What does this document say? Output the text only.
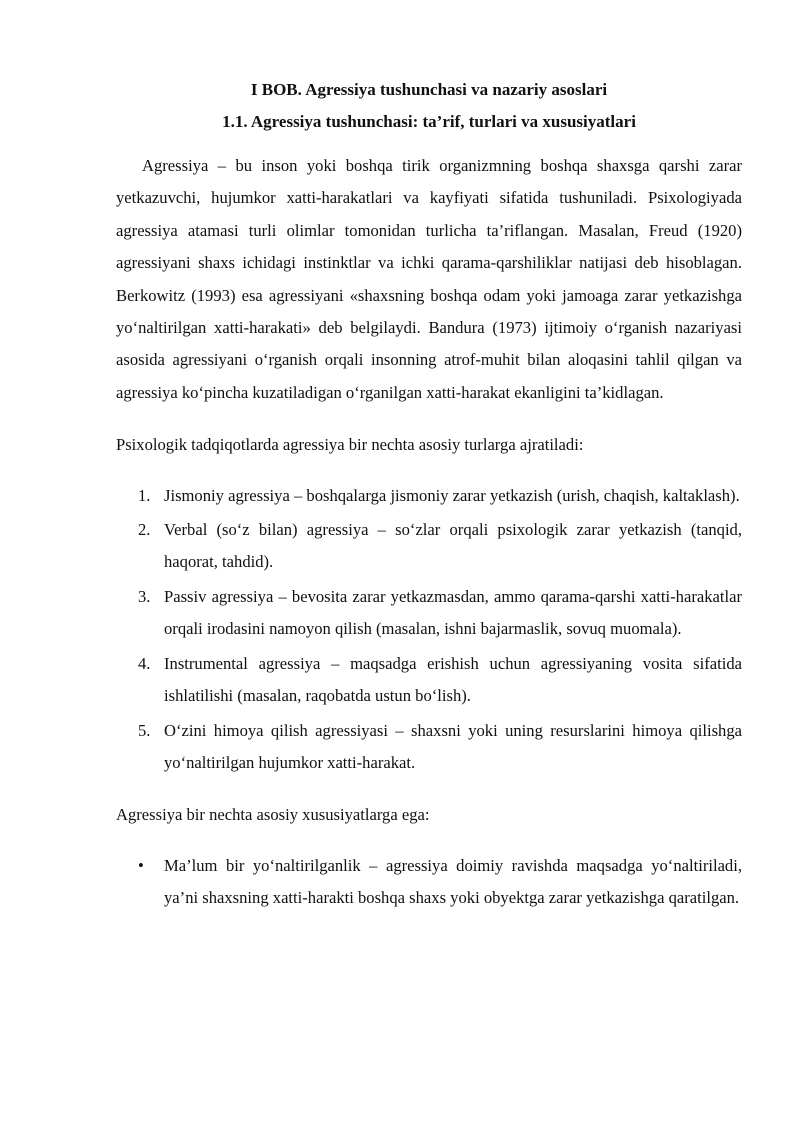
I BOB. Agressiya tushunchasi va nazariy asoslari

1.1. Agressiya tushunchasi: ta’rif, turlari va xususiyatlari

Agressiya – bu inson yoki boshqa tirik organizmning boshqa shaxsga qarshi zarar yetkazuvchi, hujumkor xatti-harakatlari va kayfiyati sifatida tushuniladi. Psixologiyada agressiya atamasi turli olimlar tomonidan turlicha ta’riflangan. Masalan, Freud (1920) agressiyani shaxs ichidagi instinktlar va ichki qarama-qarshiliklar natijasi deb hisoblagan. Berkowitz (1993) esa agressiyani «shaxsning boshqa odam yoki jamoaga zarar yetkazishga yo‘naltirilgan xatti-harakati» deb belgilaydi. Bandura (1973) ijtimoiy o‘rganish nazariyasi asosida agressiyani o‘rganish orqali insonning atrof-muhit bilan aloqasini tahlil qilgan va agressiya ko‘pincha kuzatiladigan o‘rganilgan xatti-harakat ekanligini ta’kidlagan.

Psixologik tadqiqotlarda agressiya bir nechta asosiy turlarga ajratiladi:

1. Jismoniy agressiya – boshqalarga jismoniy zarar yetkazish (urish, chaqish, kaltaklash).
2. Verbal (so‘z bilan) agressiya – so‘zlar orqali psixologik zarar yetkazish (tanqid, haqorat, tahdid).
3. Passiv agressiya – bevosita zarar yetkazmasdan, ammo qarama-qarshi xatti-harakatlar orqali irodasini namoyon qilish (masalan, ishni bajarmaslik, sovuq muomala).
4. Instrumental agressiya – maqsadga erishish uchun agressiyaning vosita sifatida ishlatilishi (masalan, raqobatda ustun bo‘lish).
5. O‘zini himoya qilish agressiyasi – shaxsni yoki uning resurslarini himoya qilishga yo‘naltirilgan hujumkor xatti-harakat.

Agressiya bir nechta asosiy xususiyatlarga ega:

• Ma’lum bir yo‘naltirilganlik – agressiya doimiy ravishda maqsadga yo‘naltiriladi, ya’ni shaxsning xatti-harakti boshqa shaxs yoki obyektga zarar yetkazishga qaratilgan.
